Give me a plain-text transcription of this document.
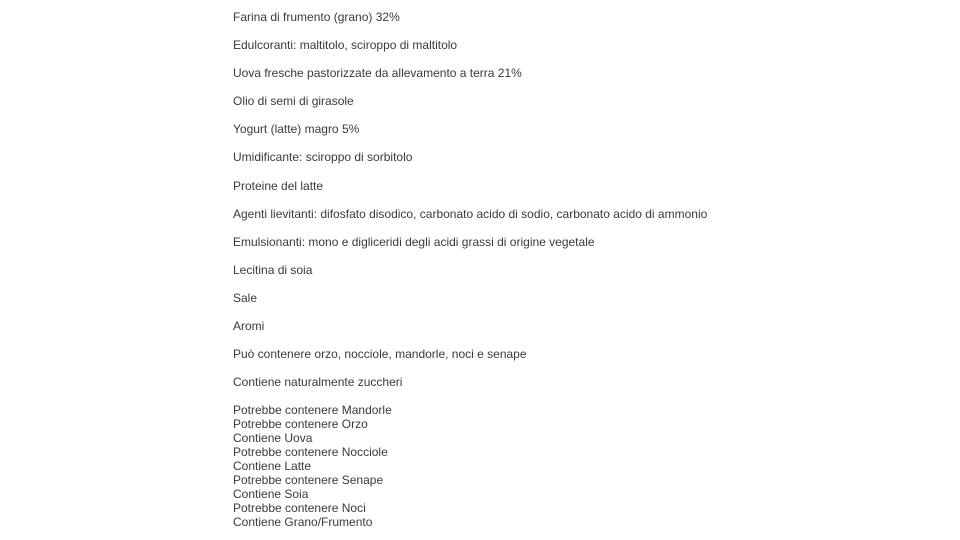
Farina di frumento (grano) 32%
Edulcoranti: maltitolo, sciroppo di maltitolo
Uova fresche pastorizzate da allevamento a terra 21%
Olio di semi di girasole
Yogurt (latte) magro 5%
Umidificante: sciroppo di sorbitolo
Proteine del latte
Agenti lievitanti: difosfato disodico, carbonato acido di sodio, carbonato acido di ammonio
Emulsionanti: mono e digliceridi degli acidi grassi di origine vegetale
Lecitina di soia
Sale
Aromi
Può contenere orzo, nocciole, mandorle, noci e senape
Contiene naturalmente zuccheri
Potrebbe contenere Mandorle
Potrebbe contenere Orzo
Contiene Uova
Potrebbe contenere Nocciole
Contiene Latte
Potrebbe contenere Senape
Contiene Soia
Potrebbe contenere Noci
Contiene Grano/Frumento
